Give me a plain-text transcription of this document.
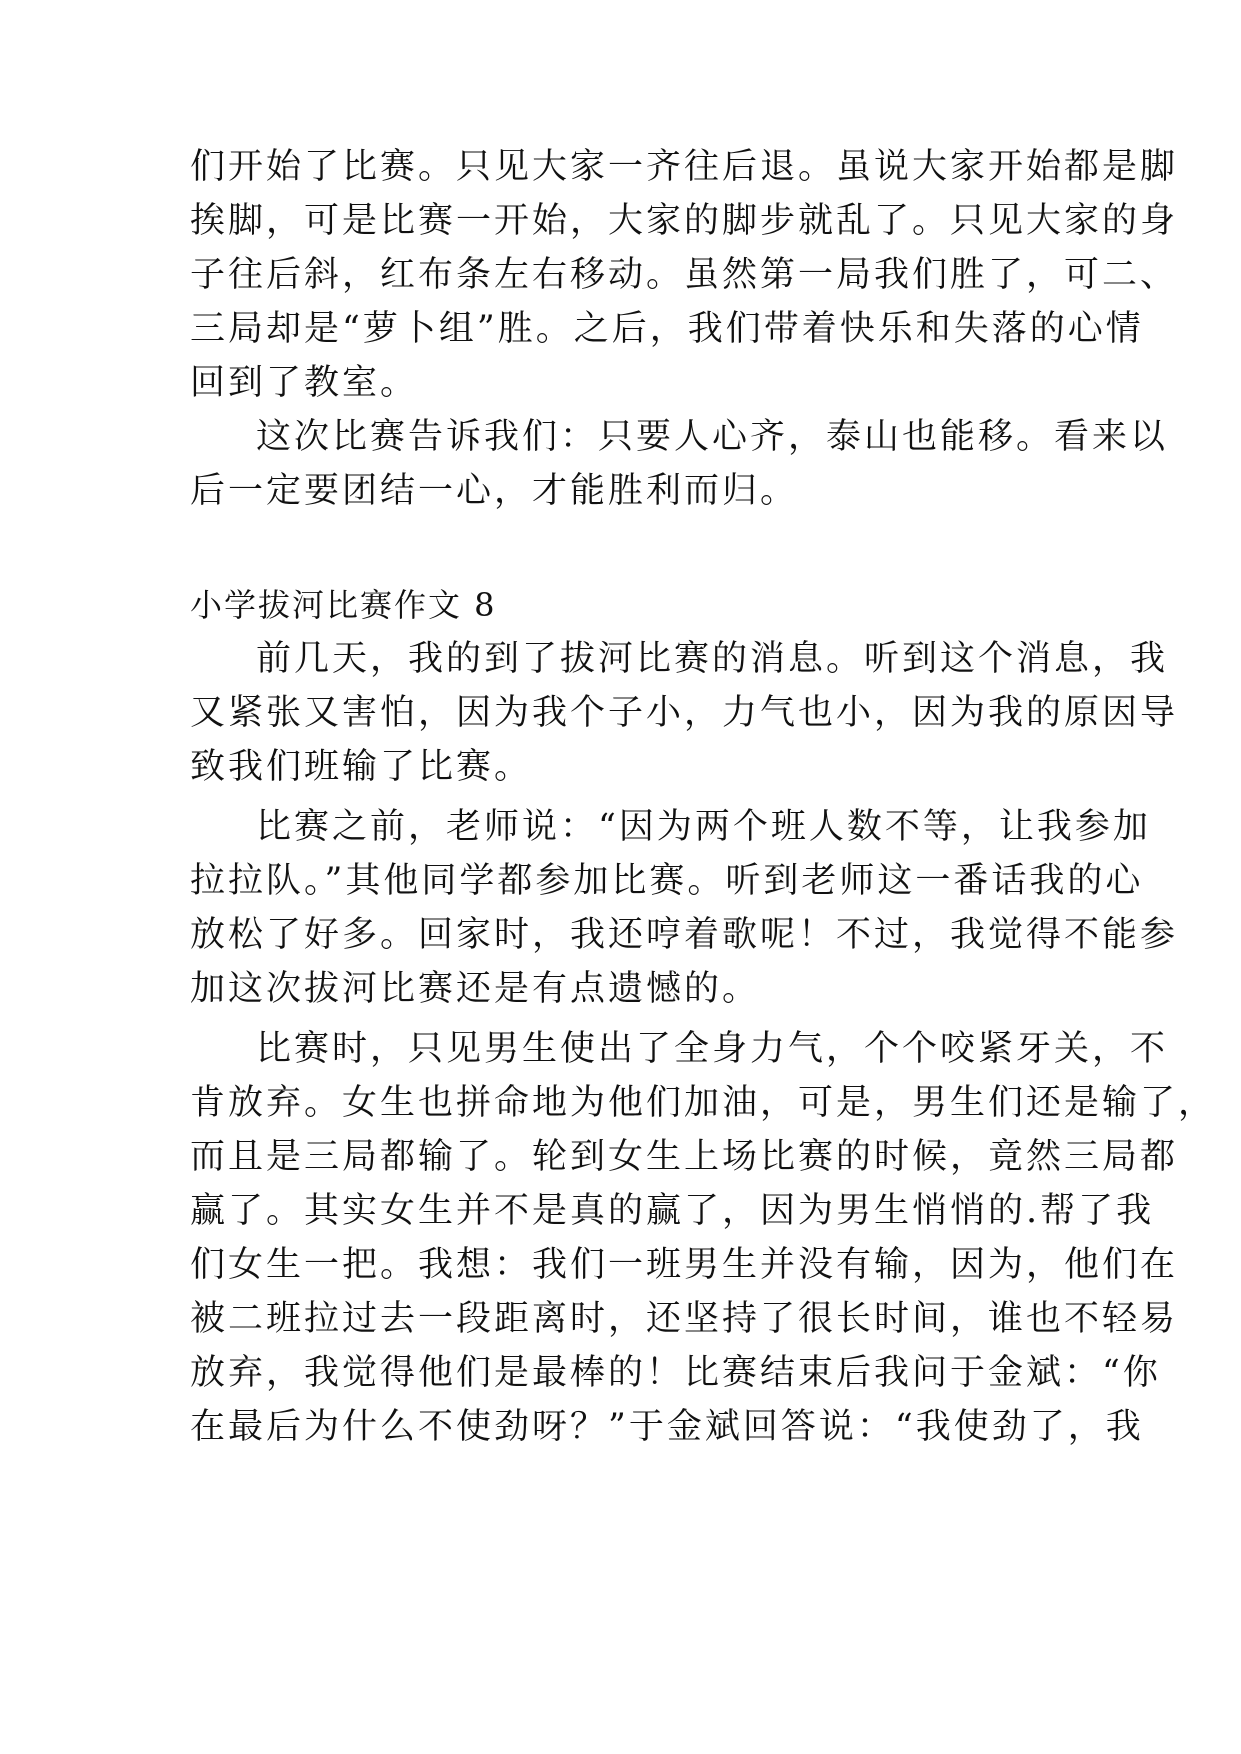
们开始了比赛。只见大家一齐往后退。虽说大家开始都是脚
挨脚，可是比赛一开始，大家的脚步就乱了。只见大家的身
子往后斜，红布条左右移动。虽然第一局我们胜了，可二、
三局却是“萝卜组”胜。之后，我们带着快乐和失落的心情
回到了教室。
这次比赛告诉我们：只要人心齐，泰山也能移。看来以
后一定要团结一心，才能胜利而归。
小学拔河比赛作文 8
前几天，我的到了拔河比赛的消息。听到这个消息，我
又紧张又害怕，因为我个子小，力气也小，因为我的原因导
致我们班输了比赛。
比赛之前，老师说：“因为两个班人数不等，让我参加
拉拉队。”其他同学都参加比赛。听到老师这一番话我的心
放松了好多。回家时，我还哼着歌呢！不过，我觉得不能参
加这次拔河比赛还是有点遗憾的。
比赛时，只见男生使出了全身力气，个个咬紧牙关，不
肯放弃。女生也拼命地为他们加油，可是，男生们还是输了，
而且是三局都输了。轮到女生上场比赛的时候，竟然三局都
赢了。其实女生并不是真的赢了，因为男生悄悄的.帮了我
们女生一把。我想：我们一班男生并没有输，因为，他们在
被二班拉过去一段距离时，还坚持了很长时间，谁也不轻易
放弃，我觉得他们是最棒的！比赛结束后我问于金斌：“你
在最后为什么不使劲呀？”于金斌回答说：“我使劲了，我
